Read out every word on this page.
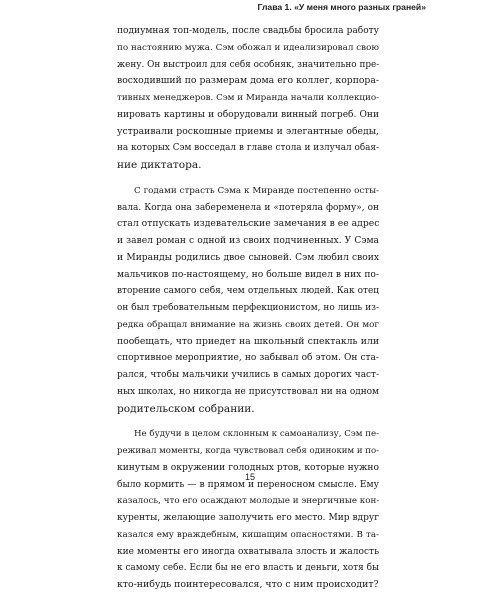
Глава 1. «У меня много разных граней»
подиумная топ-модель, после свадьбы бросила работу
по настоянию мужа. Сэм обожал и идеализировал свою
жену. Он выстроил для себя особняк, значительно пре-
восходивший по размерам дома его коллег, корпора-
тивных менеджеров. Сэм и Миранда начали коллекцио-
нировать картины и оборудовали винный погреб. Они
устраивали роскошные приемы и элегантные обеды,
на которых Сэм восседал в главе стола и излучал обая-
ние диктатора.
С годами страсть Сэма к Миранде постепенно осты-
вала. Когда она забеременела и «потеряла форму», он
стал отпускать издевательские замечания в ее адрес
и завел роман с одной из своих подчиненных. У Сэма
и Миранды родились двое сыновей. Сэм любил своих
мальчиков по-настоящему, но больше видел в них по-
вторение самого себя, чем отдельных людей. Как отец
он был требовательным перфекционистом, но лишь из-
редка обращал внимание на жизнь своих детей. Он мог
пообещать, что приедет на школьный спектакль или
спортивное мероприятие, но забывал об этом. Он ста-
рался, чтобы мальчики учились в самых дорогих част-
ных школах, но никогда не присутствовал ни на одном
родительском собрании.
Не будучи в целом склонным к самоанализу, Сэм пе-
реживал моменты, когда чувствовал себя одиноким и по-
кинутым в окружении голодных ртов, которые нужно
было кормить — в прямом и переносном смысле. Ему
казалось, что его осаждают молодые и энергичные кон-
куренты, желающие заполучить его место. Мир вдруг
казался ему враждебным, кишащим опасностями. В та-
кие моменты его иногда охватывала злость и жалость
к самому себе. Если бы не его власть и деньги, хотя бы
кто-нибудь поинтересовался, что с ним происходит?
15
